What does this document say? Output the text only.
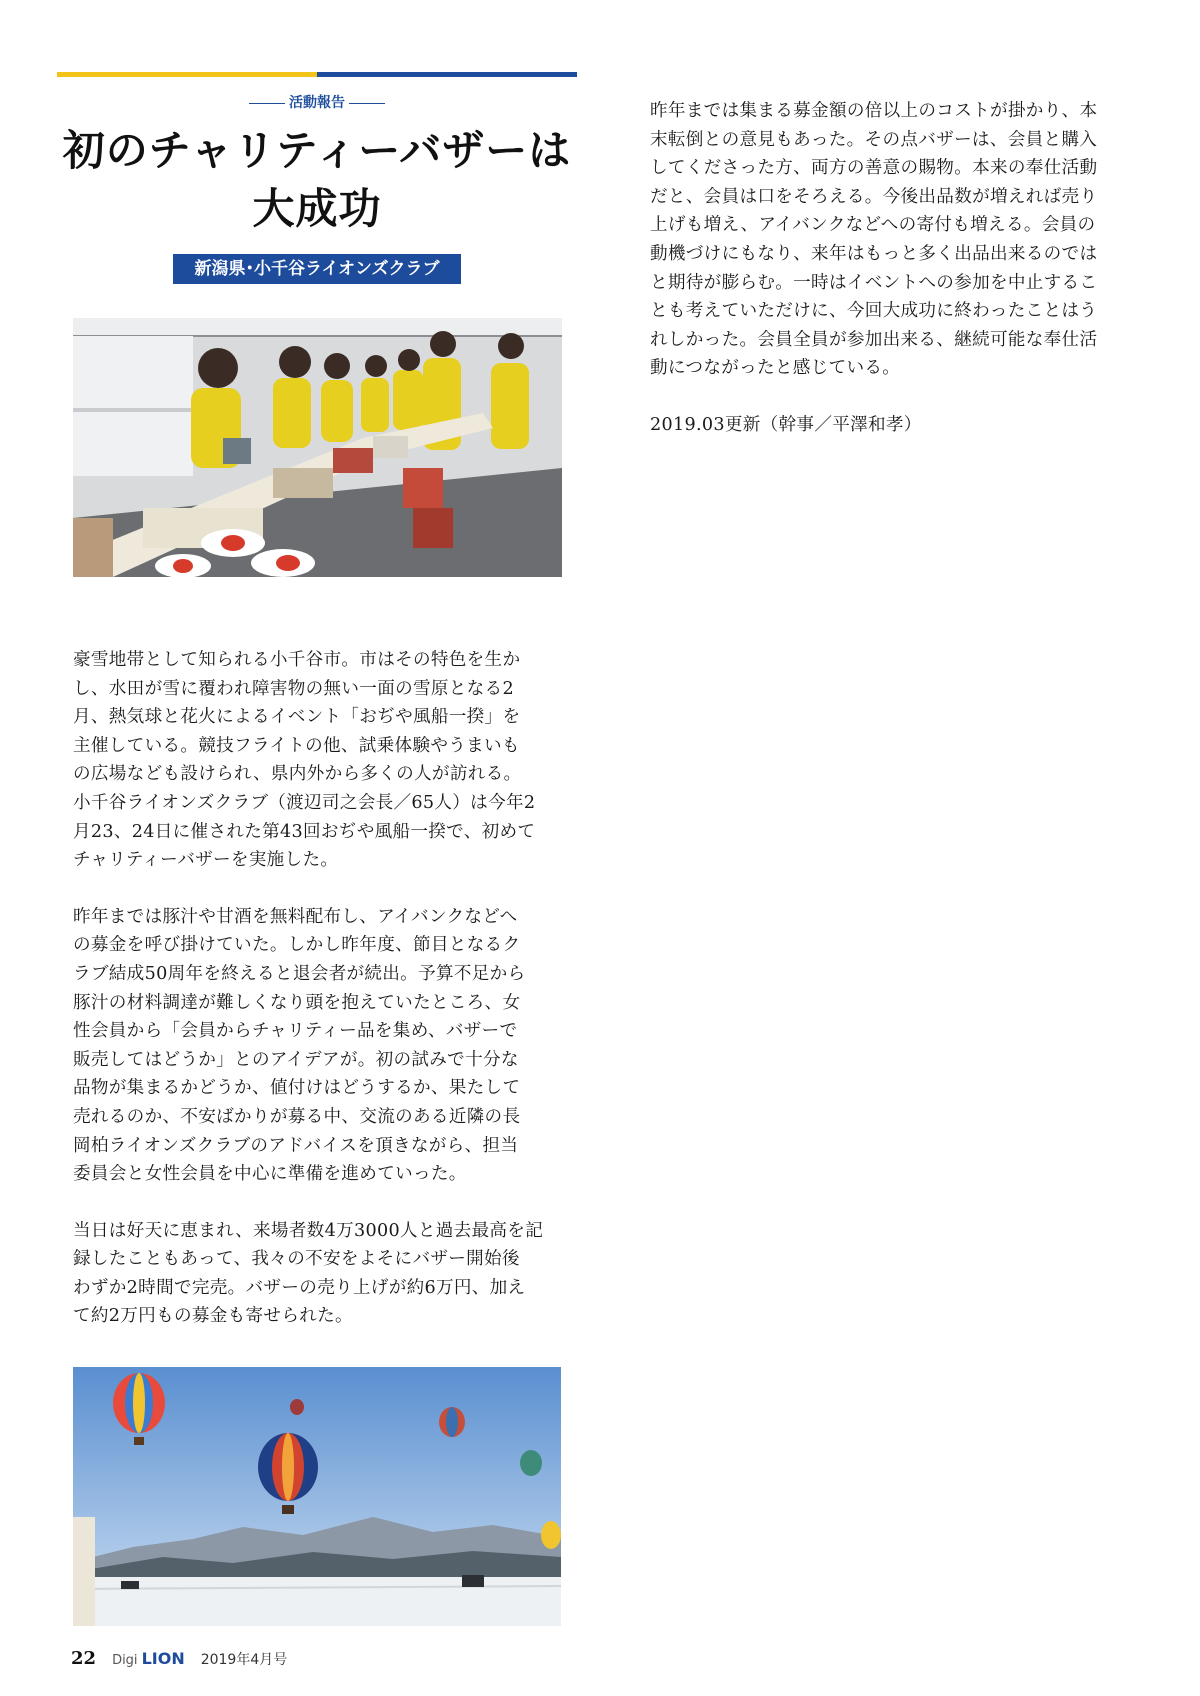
活動報告
初のチャリティーバザーは
大成功
新潟県･小千谷ライオンズクラブ

豪雪地帯として知られる小千谷市。市はその特色を生か
し、水田が雪に覆われ障害物の無い一面の雪原となる2
月、熱気球と花火によるイベント「おぢや風船一揆」を
主催している。競技フライトの他、試乗体験やうまいも
の広場なども設けられ、県内外から多くの人が訪れる。
小千谷ライオンズクラブ（渡辺司之会長／65人）は今年2
月23、24日に催された第43回おぢや風船一揆で、初めて
チャリティーバザーを実施した。

昨年までは豚汁や甘酒を無料配布し、アイバンクなどへ
の募金を呼び掛けていた。しかし昨年度、節目となるク
ラブ結成50周年を終えると退会者が続出。予算不足から
豚汁の材料調達が難しくなり頭を抱えていたところ、女
性会員から「会員からチャリティー品を集め、バザーで
販売してはどうか」とのアイデアが。初の試みで十分な
品物が集まるかどうか、値付けはどうするか、果たして
売れるのか、不安ばかりが募る中、交流のある近隣の長
岡柏ライオンズクラブのアドバイスを頂きながら、担当
委員会と女性会員を中心に準備を進めていった。

当日は好天に恵まれ、来場者数4万3000人と過去最高を記
録したこともあって、我々の不安をよそにバザー開始後
わずか2時間で完売。バザーの売り上げが約6万円、加え
て約2万円もの募金も寄せられた。

昨年までは集まる募金額の倍以上のコストが掛かり、本
末転倒との意見もあった。その点バザーは、会員と購入
してくださった方、両方の善意の賜物。本来の奉仕活動
だと、会員は口をそろえる。今後出品数が増えれば売り
上げも増え、アイバンクなどへの寄付も増える。会員の
動機づけにもなり、来年はもっと多く出品出来るのでは
と期待が膨らむ。一時はイベントへの参加を中止するこ
とも考えていただけに、今回大成功に終わったことはう
れしかった。会員全員が参加出来る、継続可能な奉仕活
動につながったと感じている。

2019.03更新（幹事／平澤和孝）

22 Digi LION 2019年4月号
